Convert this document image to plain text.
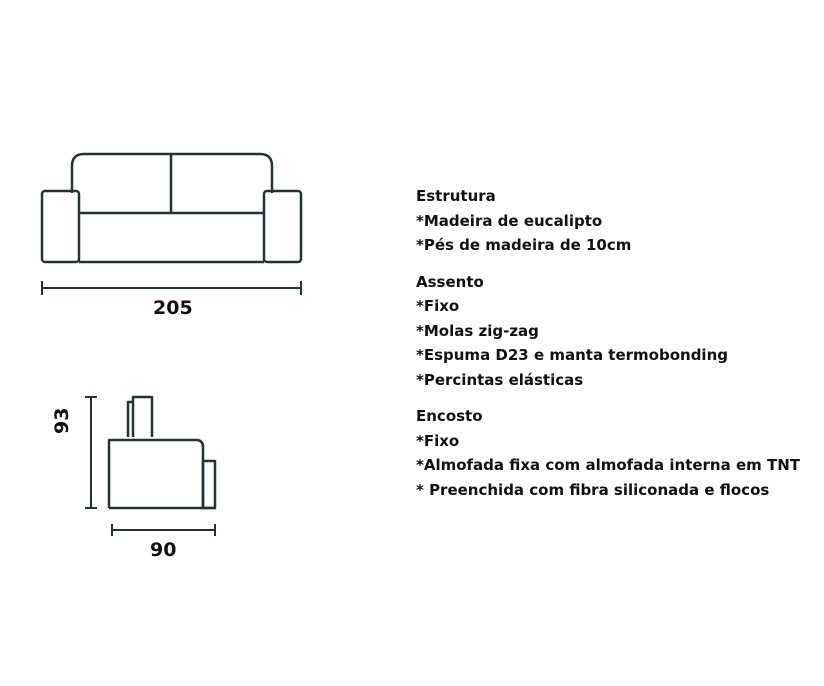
205
90
93
Estrutura
*Madeira de eucalipto
*Pés de madeira de 10cm
Assento
*Fixo
*Molas zig-zag
*Espuma D23 e manta termobonding
*Percintas elásticas
Encosto
*Fixo
*Almofada fixa com almofada interna em TNT
* Preenchida com fibra siliconada e flocos
